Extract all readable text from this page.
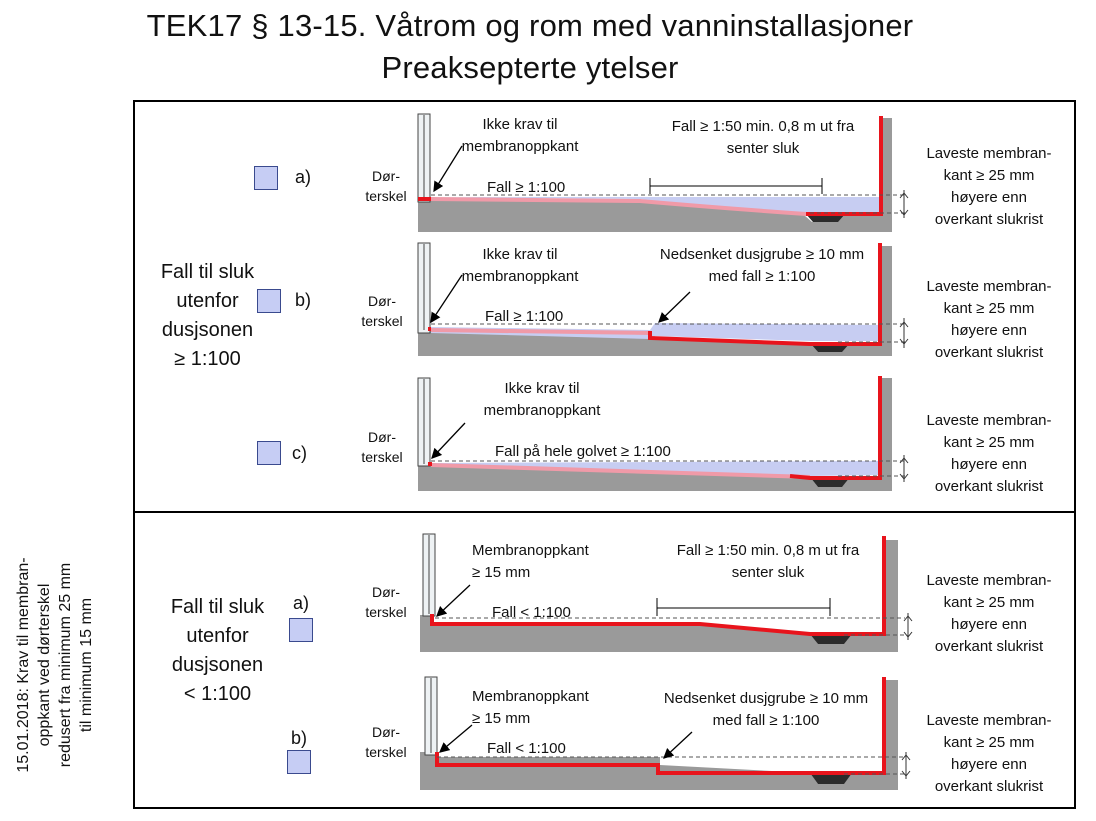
TEK17 § 13-15. Våtrom og rom med vanninstallasjoner
Preaksepterte ytelser
15.01.2018: Krav til membran- oppkant ved dørterskel redusert fra minimum 25 mm til minimum 15 mm
Fall til sluk
utenfor
dusjsonen
≥ 1:100
Fall til sluk
utenfor
dusjsonen
< 1:100
a)
b)
c)
a)
b)
Dør-
terskel
Dør-
terskel
Dør-
terskel
Dør-
terskel
Dør-
terskel
Ikke krav til
membranoppkant
Fall ≥ 1:50 min. 0,8 m ut fra
senter sluk
Fall ≥ 1:100
Ikke krav til
membranoppkant
Nedsenket dusjgrube ≥ 10 mm
med fall ≥ 1:100
Fall ≥ 1:100
Ikke krav til
membranoppkant
Fall på hele golvet ≥ 1:100
Membranoppkant
≥ 15 mm
Fall ≥ 1:50 min. 0,8 m ut fra
senter sluk
Fall < 1:100
Membranoppkant
≥ 15 mm
Nedsenket dusjgrube ≥ 10 mm
med fall ≥ 1:100
Fall < 1:100
Laveste membran-
kant ≥ 25 mm
høyere enn
overkant slukrist
Laveste membran-
kant ≥ 25 mm
høyere enn
overkant slukrist
Laveste membran-
kant ≥ 25 mm
høyere enn
overkant slukrist
Laveste membran-
kant ≥ 25 mm
høyere enn
overkant slukrist
Laveste membran-
kant ≥ 25 mm
høyere enn
overkant slukrist
